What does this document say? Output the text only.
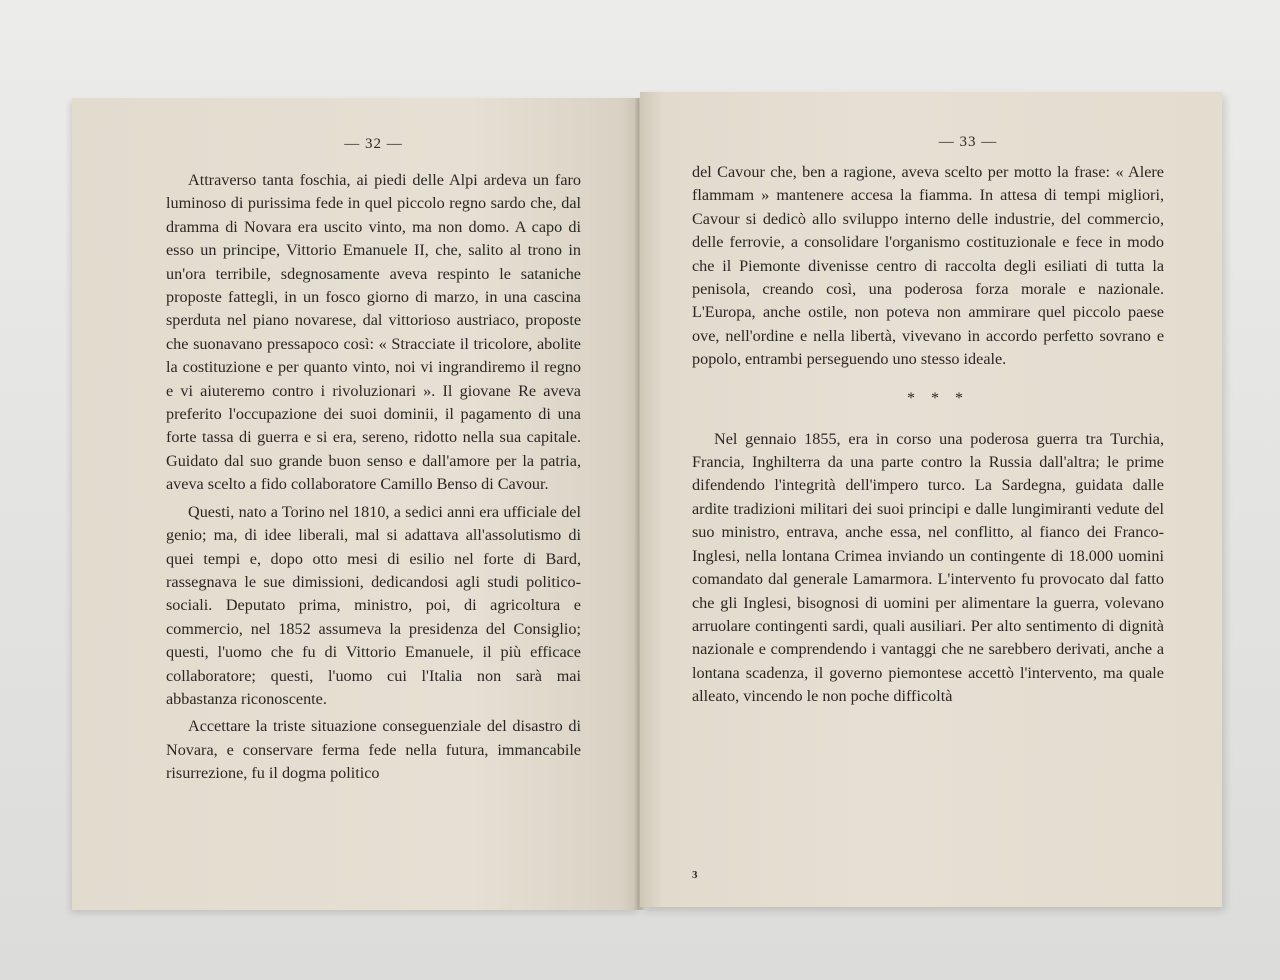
— 32 —

Attraverso tanta foschia, ai piedi delle Alpi ardeva un faro luminoso di purissima fede in quel piccolo regno sardo che, dal dramma di Novara era uscito vinto, ma non domo. A capo di esso un principe, Vittorio Emanuele II, che, salito al trono in un'ora terribile, sdegnosamente aveva respinto le sataniche proposte fattegli, in un fosco giorno di marzo, in una cascina sperduta nel piano novarese, dal vittorioso austriaco, proposte che suonavano pressapoco così: « Stracciate il tricolore, abolite la costituzione e per quanto vinto, noi vi ingrandiremo il regno e vi aiuteremo contro i rivoluzionari ». Il giovane Re aveva preferito l'occupazione dei suoi dominii, il pagamento di una forte tassa di guerra e si era, sereno, ridotto nella sua capitale. Guidato dal suo grande buon senso e dall'amore per la patria, aveva scelto a fido collaboratore Camillo Benso di Cavour.

Questi, nato a Torino nel 1810, a sedici anni era ufficiale del genio; ma, di idee liberali, mal si adattava all'assolutismo di quei tempi e, dopo otto mesi di esilio nel forte di Bard, rassegnava le sue dimissioni, dedicandosi agli studi politico-sociali. Deputato prima, ministro, poi, di agricoltura e commercio, nel 1852 assumeva la presidenza del Consiglio; questi, l'uomo che fu di Vittorio Emanuele, il più efficace collaboratore; questi, l'uomo cui l'Italia non sarà mai abbastanza riconoscente.

Accettare la triste situazione conseguenziale del disastro di Novara, e conservare ferma fede nella futura, immancabile risurrezione, fu il dogma politico

— 33 —

del Cavour che, ben a ragione, aveva scelto per motto la frase: « Alere flammam » mantenere accesa la fiamma. In attesa di tempi migliori, Cavour si dedicò allo sviluppo interno delle industrie, del commercio, delle ferrovie, a consolidare l'organismo costituzionale e fece in modo che il Piemonte divenisse centro di raccolta degli esiliati di tutta la penisola, creando così, una poderosa forza morale e nazionale. L'Europa, anche ostile, non poteva non ammirare quel piccolo paese ove, nell'ordine e nella libertà, vivevano in accordo perfetto sovrano e popolo, entrambi perseguendo uno stesso ideale.

* * *

Nel gennaio 1855, era in corso una poderosa guerra tra Turchia, Francia, Inghilterra da una parte contro la Russia dall'altra; le prime difendendo l'integrità dell'impero turco. La Sardegna, guidata dalle ardite tradizioni militari dei suoi principi e dalle lungimiranti vedute del suo ministro, entrava, anche essa, nel conflitto, al fianco dei Franco-Inglesi, nella lontana Crimea inviando un contingente di 18.000 uomini comandato dal generale Lamarmora. L'intervento fu provocato dal fatto che gli Inglesi, bisognosi di uomini per alimentare la guerra, volevano arruolare contingenti sardi, quali ausiliari. Per alto sentimento di dignità nazionale e comprendendo i vantaggi che ne sarebbero derivati, anche a lontana scadenza, il governo piemontese accettò l'intervento, ma quale alleato, vincendo le non poche difficoltà

3
